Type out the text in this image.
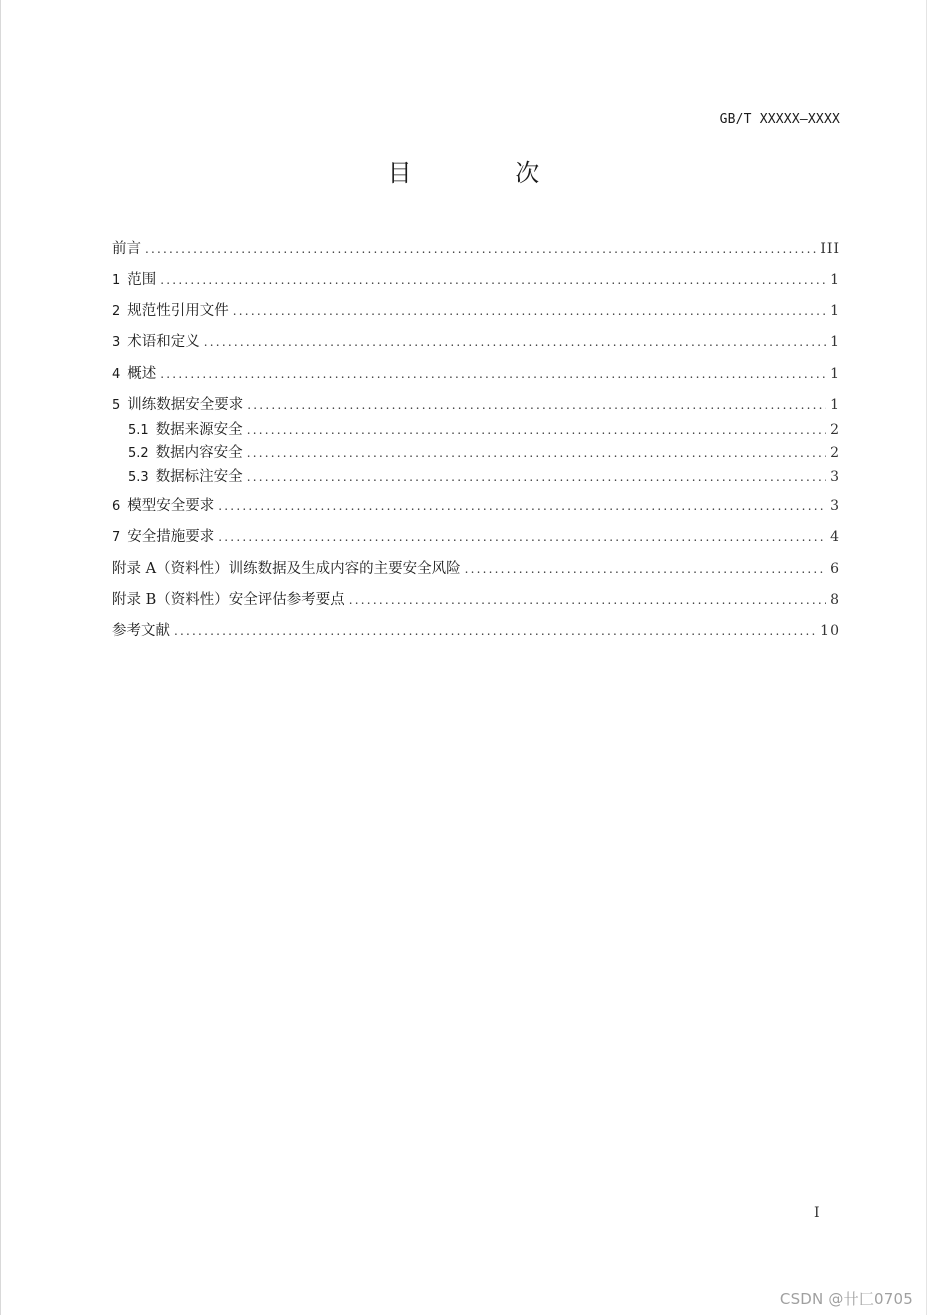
GB/T XXXXX—XXXX
目 次
前言 .....	III
1 范围 .....	1
2 规范性引用文件 .....	1
3 术语和定义 .....	1
4 概述 .....	1
5 训练数据安全要求 .....	1
5.1 数据来源安全 .....	2
5.2 数据内容安全 .....	2
5.3 数据标注安全 .....	3
6 模型安全要求 .....	3
7 安全措施要求 .....	4
附录 A（资料性）训练数据及生成内容的主要安全风险 .....	6
附录 B（资料性）安全评估参考要点 .....	8
参考文献 .....	10
I
CSDN @卄匚0705
